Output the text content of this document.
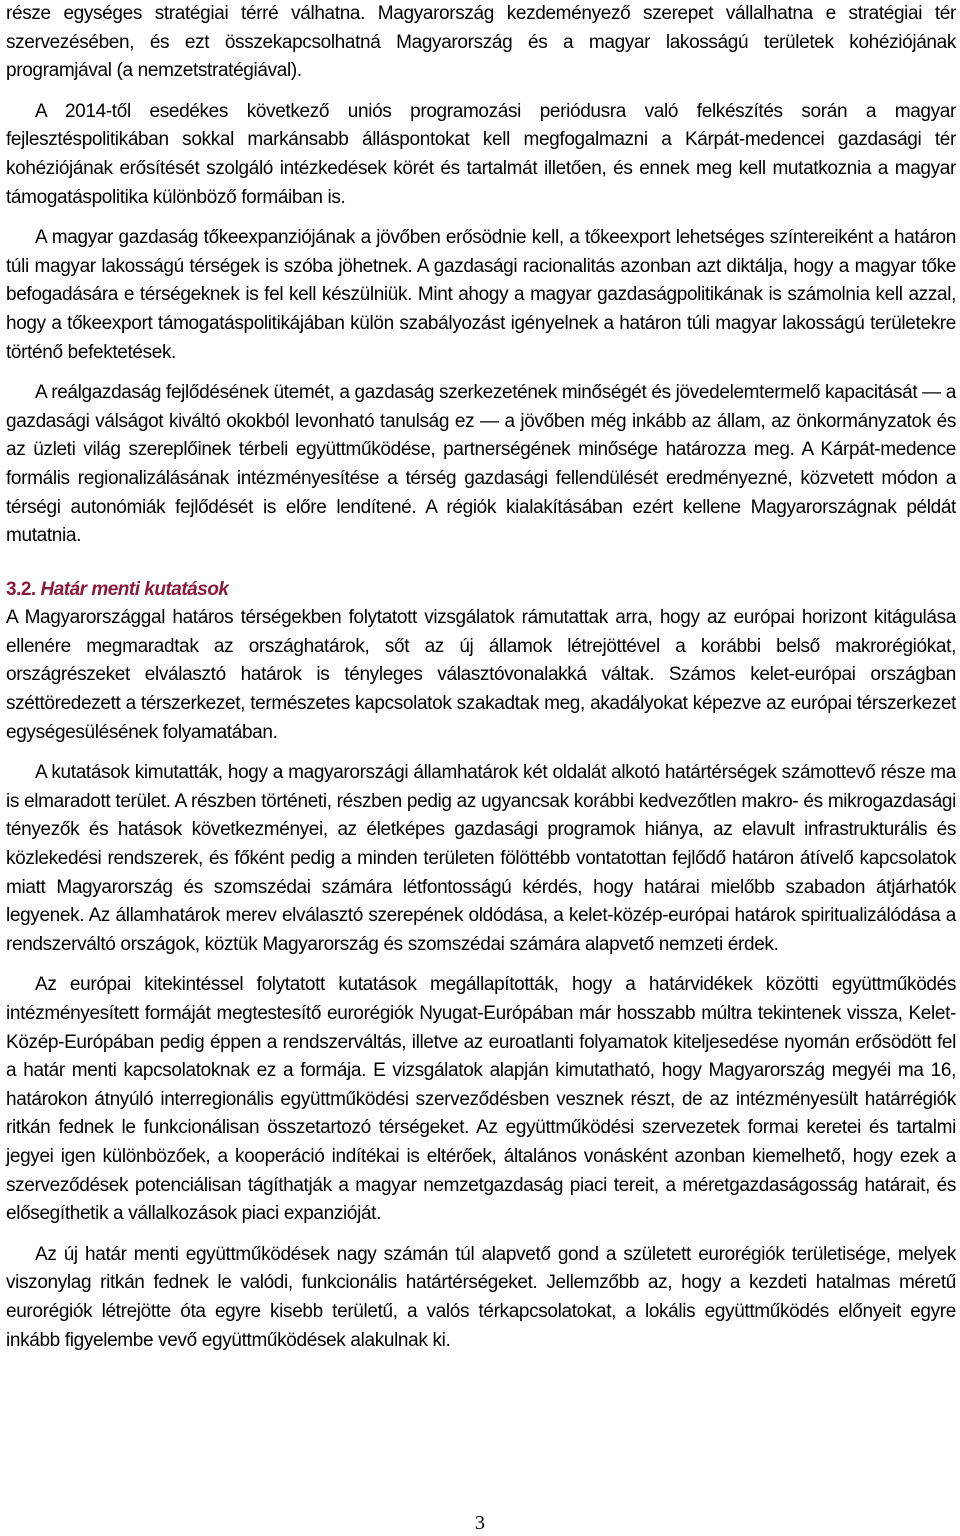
része egységes stratégiai térré válhatna. Magyarország kezdeményező szerepet vállalhatna e stratégiai tér szervezésében, és ezt összekapcsolhatná Magyarország és a magyar lakosságú területek kohéziójának programjával (a nemzetstratégiával).

A 2014-től esedékes következő uniós programozási periódusra való felkészítés során a magyar fejlesztéspolitikában sokkal markánsabb álláspontokat kell megfogalmazni a Kárpát-medencei gazdasági tér kohéziójának erősítését szolgáló intézkedések körét és tartalmát illetően, és ennek meg kell mutatkoznia a magyar támogatáspolitika különböző formáiban is.

A magyar gazdaság tőkeexpanziójának a jövőben erősödnie kell, a tőkeexport lehetséges színtereiként a határon túli magyar lakosságú térségek is szóba jöhetnek. A gazdasági racionalitás azonban azt diktálja, hogy a magyar tőke befogadására e térségeknek is fel kell készülniük. Mint ahogy a magyar gazdaságpolitikának is számolnia kell azzal, hogy a tőkeexport támogatáspolitikájában külön szabályozást igényelnek a határon túli magyar lakosságú területekre történő befektetések.

A reálgazdaság fejlődésének ütemét, a gazdaság szerkezetének minőségét és jövedelemtermelő kapacitását — a gazdasági válságot kiváltó okokból levonható tanulság ez — a jövőben még inkább az állam, az önkormányzatok és az üzleti világ szereplőinek térbeli együttműködése, partnerségének minősége határozza meg. A Kárpát-medence formális regionalizálásának intézményesítése a térség gazdasági fellendülését eredményezné, közvetett módon a térségi autonómiák fejlődését is előre lendítené. A régiók kialakításában ezért kellene Magyarországnak példát mutatnia.

3.2. Határ menti kutatások

A Magyarországgal határos térségekben folytatott vizsgálatok rámutattak arra, hogy az európai horizont kitágulása ellenére megmaradtak az országhatárok, sőt az új államok létrejöttével a korábbi belső makrorégiókat, országrészeket elválasztó határok is tényleges választóvonalakká váltak. Számos kelet-európai országban széttöredezett a térszerkezet, természetes kapcsolatok szakadtak meg, akadályokat képezve az európai térszerkezet egységesülésének folyamatában.

A kutatások kimutatták, hogy a magyarországi államhatárok két oldalát alkotó határtérségek számottevő része ma is elmaradott terület. A részben történeti, részben pedig az ugyancsak korábbi kedvezőtlen makro- és mikrogazdasági tényezők és hatások következményei, az életképes gazdasági programok hiánya, az elavult infrastrukturális és közlekedési rendszerek, és főként pedig a minden területen fölöttébb vontatottan fejlődő határon átívelő kapcsolatok miatt Magyarország és szomszédai számára létfontosságú kérdés, hogy határai mielőbb szabadon átjárhatók legyenek. Az államhatárok merev elválasztó szerepének oldódása, a kelet-közép-európai határok spiritualizálódása a rendszerváltó országok, köztük Magyarország és szomszédai számára alapvető nemzeti érdek.

Az európai kitekintéssel folytatott kutatások megállapították, hogy a határvidékek közötti együttműködés intézményesített formáját megtestesítő eurorégiók Nyugat-Európában már hosszabb múltra tekintenek vissza, Kelet-Közép-Európában pedig éppen a rendszerváltás, illetve az euroatlanti folyamatok kiteljesedése nyomán erősödött fel a határ menti kapcsolatoknak ez a formája. E vizsgálatok alapján kimutatható, hogy Magyarország megyéi ma 16, határokon átnyúló interregionális együttműködési szerveződésben vesznek részt, de az intézményesült határrégiók ritkán fednek le funkcionálisan összetartozó térségeket. Az együttműködési szervezetek formai keretei és tartalmi jegyei igen különbözőek, a kooperáció indítékai is eltérőek, általános vonásként azonban kiemelhető, hogy ezek a szerveződések potenciálisan tágíthatják a magyar nemzetgazdaság piaci tereit, a méretgazdaságosság határait, és elősegíthetik a vállalkozások piaci expanzióját.

Az új határ menti együttműködések nagy számán túl alapvető gond a született eurorégiók területisége, melyek viszonylag ritkán fednek le valódi, funkcionális határtérségeket. Jellemzőbb az, hogy a kezdeti hatalmas méretű eurorégiók létrejötte óta egyre kisebb területű, a valós térkapcsolatokat, a lokális együttműködés előnyeit egyre inkább figyelembe vevő együttműködések alakulnak ki.

3
